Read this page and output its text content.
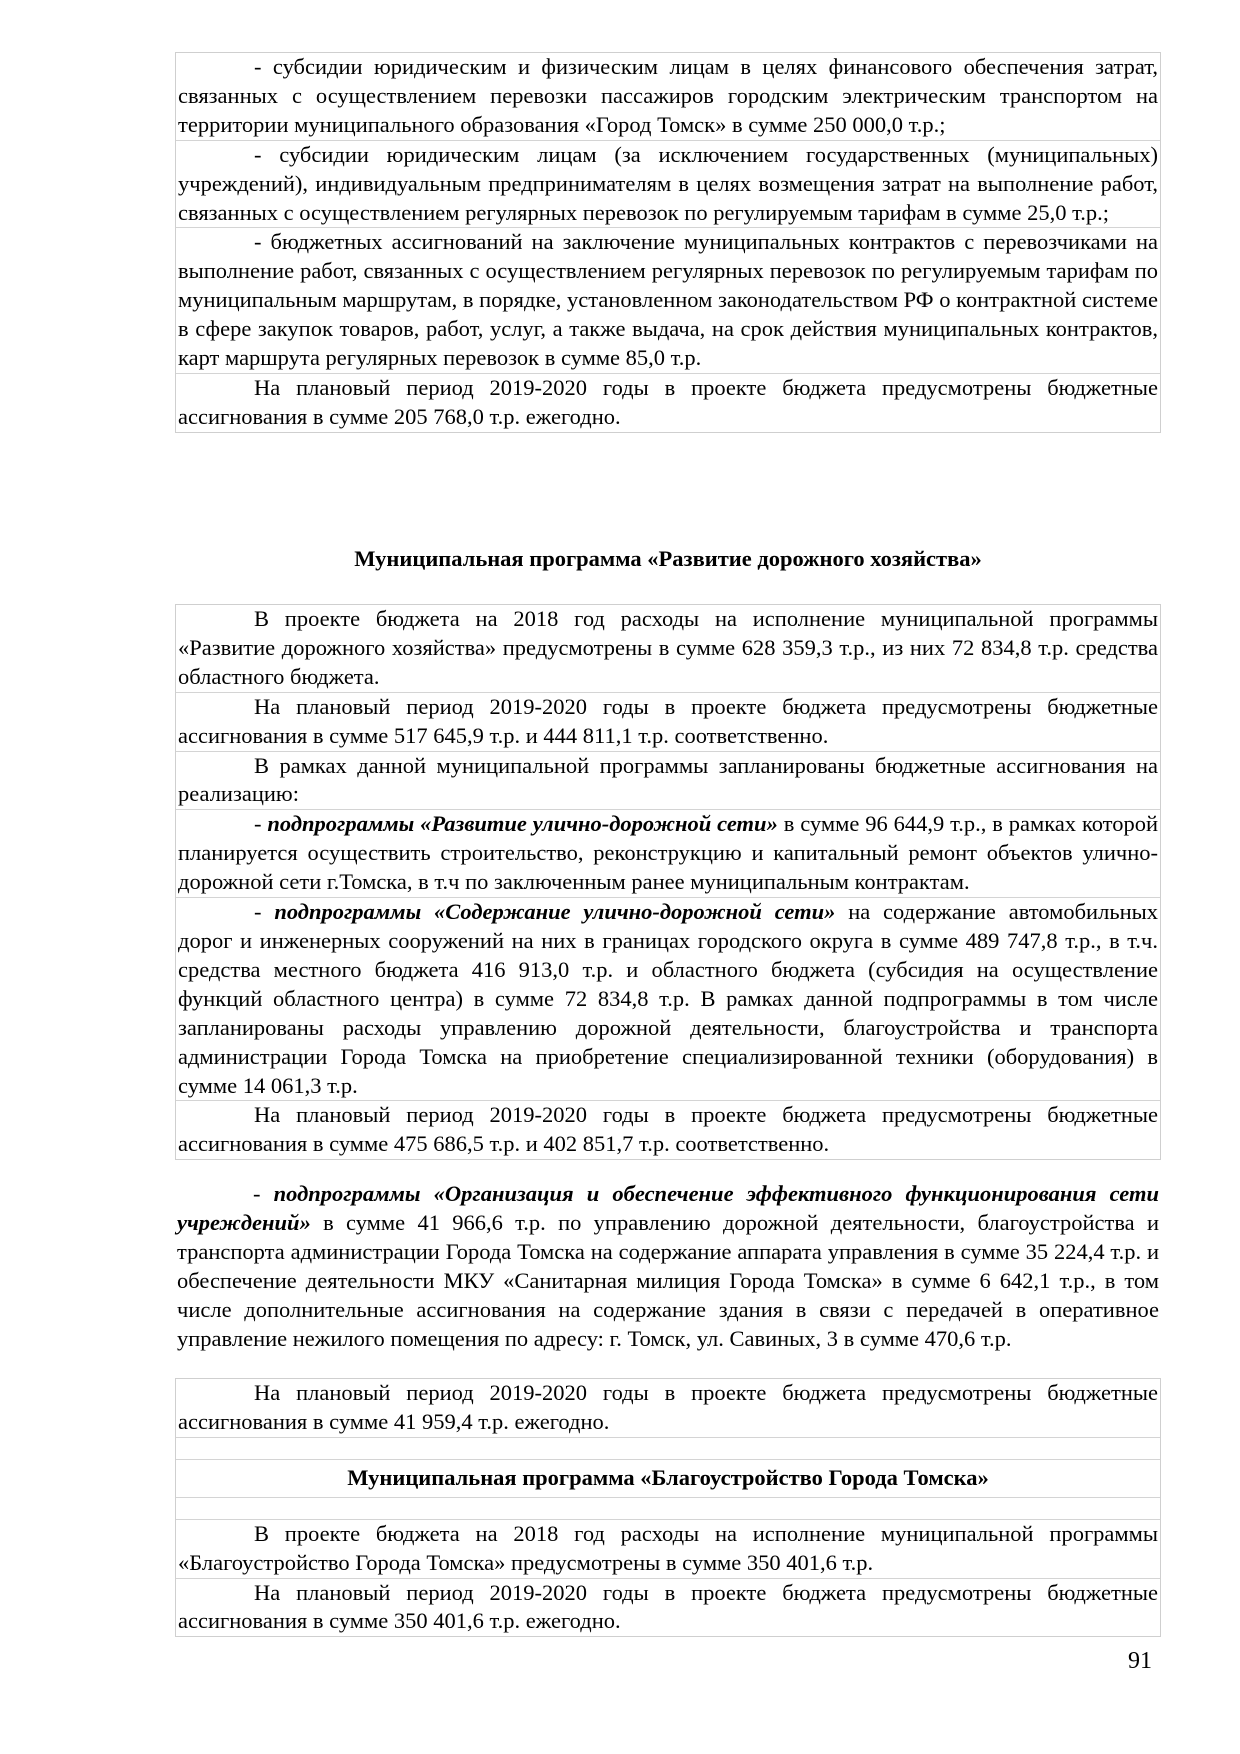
- субсидии юридическим и физическим лицам в целях финансового обеспечения затрат, связанных с осуществлением перевозки пассажиров городским электрическим транспортом на территории муниципального образования «Город Томск» в сумме 250 000,0 т.р.;
- субсидии юридическим лицам (за исключением государственных (муниципальных) учреждений), индивидуальным предпринимателям в целях возмещения затрат на выполнение работ, связанных с осуществлением регулярных перевозок по регулируемым тарифам в сумме 25,0 т.р.;
- бюджетных ассигнований на заключение муниципальных контрактов с перевозчиками на выполнение работ, связанных с осуществлением регулярных перевозок по регулируемым тарифам по муниципальным маршрутам, в порядке, установленном законодательством РФ о контрактной системе в сфере закупок товаров, работ, услуг, а также выдача, на срок действия муниципальных контрактов, карт маршрута регулярных перевозок в сумме 85,0 т.р.
На плановый период 2019-2020 годы в проекте бюджета предусмотрены бюджетные ассигнования в сумме 205 768,0 т.р. ежегодно.
Муниципальная программа «Развитие дорожного хозяйства»
В проекте бюджета на 2018 год расходы на исполнение муниципальной программы «Развитие дорожного хозяйства» предусмотрены в сумме 628 359,3 т.р., из них 72 834,8 т.р. средства областного бюджета.
На плановый период 2019-2020 годы в проекте бюджета предусмотрены бюджетные ассигнования в сумме 517 645,9 т.р. и 444 811,1 т.р. соответственно.
В рамках данной муниципальной программы запланированы бюджетные ассигнования на реализацию:
- подпрограммы «Развитие улично-дорожной сети» в сумме 96 644,9 т.р., в рамках которой планируется осуществить строительство, реконструкцию и капитальный ремонт объектов улично-дорожной сети г.Томска, в т.ч по заключенным ранее муниципальным контрактам.
- подпрограммы «Содержание улично-дорожной сети» на содержание автомобильных дорог и инженерных сооружений на них в границах городского округа в сумме 489 747,8 т.р., в т.ч. средства местного бюджета 416 913,0 т.р. и областного бюджета (субсидия на осуществление функций областного центра) в сумме 72 834,8 т.р. В рамках данной подпрограммы в том числе запланированы расходы управлению дорожной деятельности, благоустройства и транспорта администрации Города Томска на приобретение специализированной техники (оборудования) в сумме 14 061,3 т.р.
На плановый период 2019-2020 годы в проекте бюджета предусмотрены бюджетные ассигнования в сумме 475 686,5 т.р. и 402 851,7 т.р. соответственно.
- подпрограммы «Организация и обеспечение эффективного функционирования сети учреждений» в сумме 41 966,6 т.р. по управлению дорожной деятельности, благоустройства и транспорта администрации Города Томска на содержание аппарата управления в сумме 35 224,4 т.р. и обеспечение деятельности МКУ «Санитарная милиция Города Томска» в сумме 6 642,1 т.р., в том числе дополнительные ассигнования на содержание здания в связи с передачей в оперативное управление нежилого помещения по адресу: г. Томск, ул. Савиных, 3 в сумме 470,6 т.р.
На плановый период 2019-2020 годы в проекте бюджета предусмотрены бюджетные ассигнования в сумме 41 959,4 т.р. ежегодно.
Муниципальная программа «Благоустройство Города Томска»
В проекте бюджета на 2018 год расходы на исполнение муниципальной программы «Благоустройство Города Томска» предусмотрены в сумме 350 401,6 т.р.
На плановый период 2019-2020 годы в проекте бюджета предусмотрены бюджетные ассигнования в сумме 350 401,6 т.р. ежегодно.
91
